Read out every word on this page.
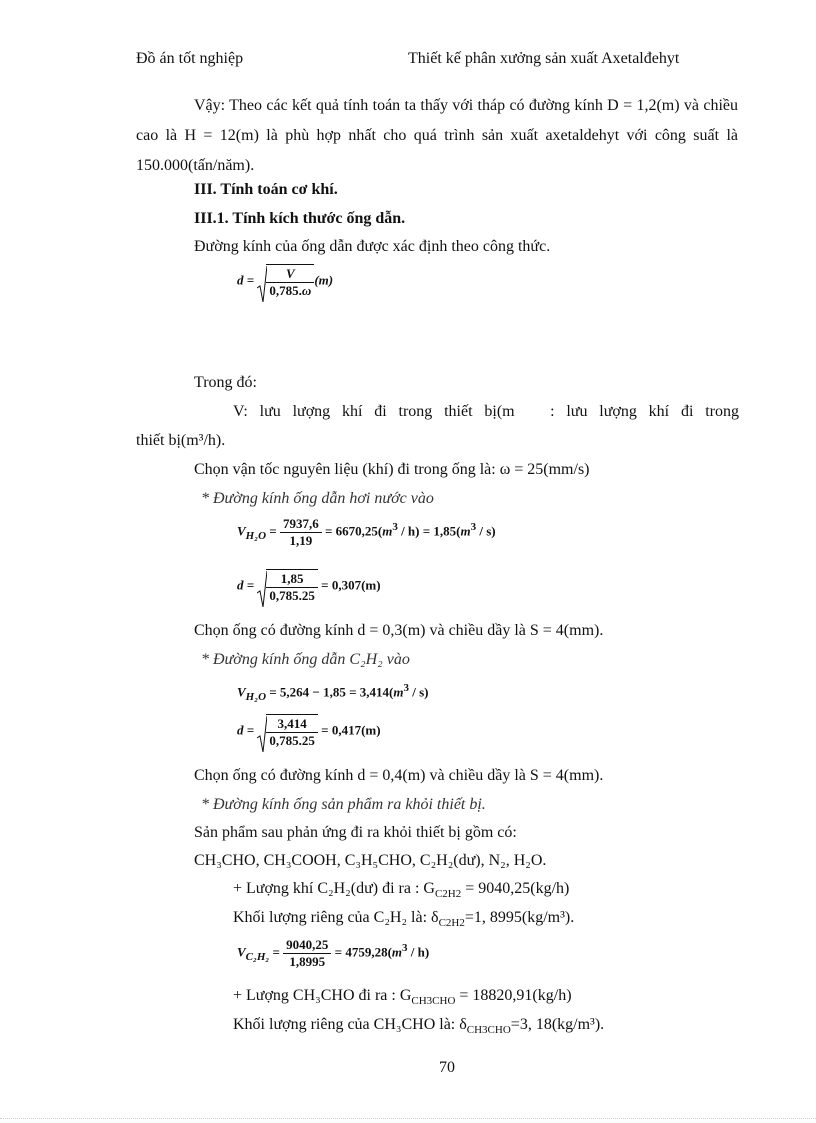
Đồ án tốt nghiệp	Thiết kế phân xưởng sản xuất Axetalđehyt
Vậy: Theo các kết quả tính toán ta thấy với tháp có đường kính D = 1,2(m) và chiều cao là H = 12(m) là phù hợp nhất cho quá trình sản xuất axetaldehyt với công suất là 150.000(tấn/năm).
III. Tính toán cơ khí.
III.1. Tính kích thước ống dẫn.
Đường kính của ống dẫn được xác định theo công thức.
$d = \frac{V}{0,785.\omega} (m)$
Trong đó:
V: lưu lượng khí đi trong thiết bị(m   : lưu lượng khí đi trong
thiết bị(m³/h).
Chọn vận tốc nguyên liệu (khí) đi trong ống là: ω = 25(mm/s)
* Đường kính ống dẫn hơi nước vào
$V_{H_2O} = \frac{7937,6}{1,19} = 6670,25(m^3 / h) = 1,85(m^3 / s)$
$d = \frac{1,85}{0,785.25} = 0,307(m)$
Chọn ống có đường kính d = 0,3(m) và chiều dầy là S = 4(mm).
* Đường kính ống dẫn C₂H₂ vào
$V_{H_2O} = 5,264 - 1,85 = 3,414(m^3 / s)$
$d = \frac{3,414}{0,785.25} = 0,417(m)$
Chọn ống có đường kính d = 0,4(m) và chiều dầy là S = 4(mm).
* Đường kính ống sản phẩm ra khỏi thiết bị.
Sản phẩm sau phản ứng đi ra khỏi thiết bị gồm có:
CH₃CHO, CH₃COOH, C₃H₅CHO, C₂H₂(dư), N₂, H₂O.
+ Lượng khí C₂H₂(dư) đi ra : $G_{C2H2} = 9040,25(kg/h)$
Khối lượng riêng của C₂H₂ là: $\delta_{C2H2}=1$, 8995(kg/m³).
$V_{C_2H_2} = \frac{9040,25}{1,8995} = 4759,28(m^3 / h)$
+ Lượng CH₃CHO đi ra : $G_{CH3CHO} = 18820,91(kg/h)$
Khối lượng riêng của CH₃CHO là: $\delta_{CH3CHO}=3$, 18(kg/m³).
70
